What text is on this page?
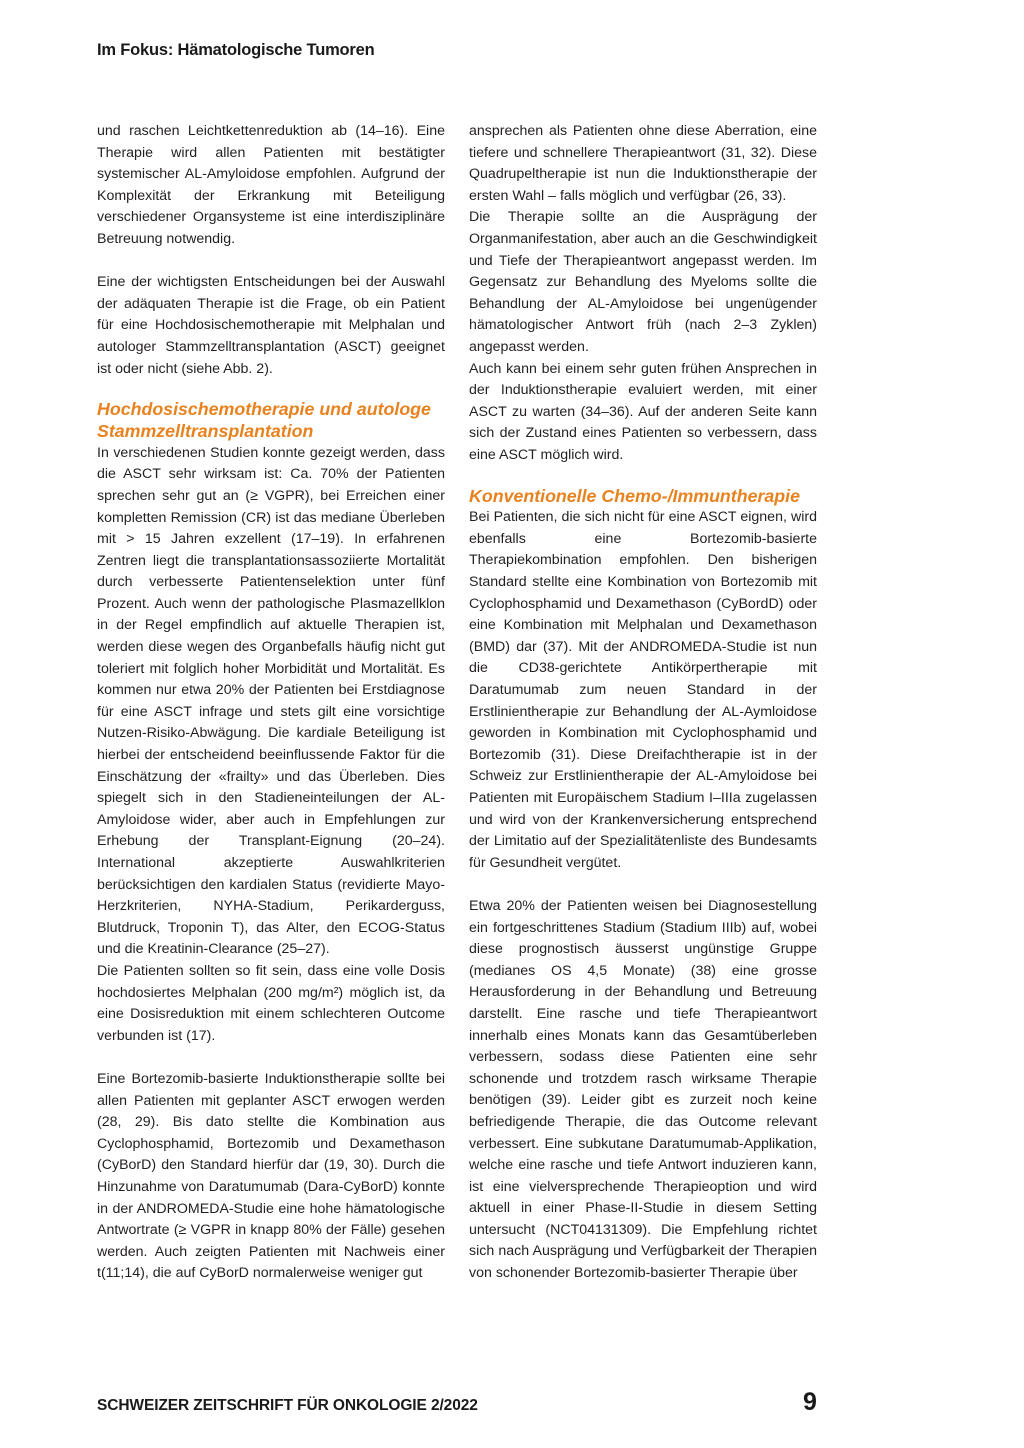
Im Fokus: Hämatologische Tumoren

und raschen Leichtkettenreduktion ab (14–16). Eine Therapie wird allen Patienten mit bestätigter systemischer AL-Amyloidose empfohlen. Aufgrund der Komplexität der Erkrankung mit Beteiligung verschiedener Organsysteme ist eine interdisziplinäre Betreuung notwendig.

Eine der wichtigsten Entscheidungen bei der Auswahl der adäquaten Therapie ist die Frage, ob ein Patient für eine Hochdosischemotherapie mit Melphalan und autologer Stammzelltransplantation (ASCT) geeignet ist oder nicht (siehe Abb. 2).

Hochdosischemotherapie und autologe Stammzelltransplantation

In verschiedenen Studien konnte gezeigt werden, dass die ASCT sehr wirksam ist: Ca. 70% der Patienten sprechen sehr gut an (≥ VGPR), bei Erreichen einer kompletten Remission (CR) ist das mediane Überleben mit > 15 Jahren exzellent (17–19). In erfahrenen Zentren liegt die transplantationsassoziierte Mortalität durch verbesserte Patientenselektion unter fünf Prozent. Auch wenn der pathologische Plasmazellklon in der Regel empfindlich auf aktuelle Therapien ist, werden diese wegen des Organbefalls häufig nicht gut toleriert mit folglich hoher Morbidität und Mortalität. Es kommen nur etwa 20% der Patienten bei Erstdiagnose für eine ASCT infrage und stets gilt eine vorsichtige Nutzen-Risiko-Abwägung. Die kardiale Beteiligung ist hierbei der entscheidend beeinflussende Faktor für die Einschätzung der «frailty» und das Überleben. Dies spiegelt sich in den Stadieneinteilungen der AL-Amyloidose wider, aber auch in Empfehlungen zur Erhebung der Transplant-Eignung (20–24). International akzeptierte Auswahlkriterien berücksichtigen den kardialen Status (revidierte Mayo-Herzkriterien, NYHA-Stadium, Perikarderguss, Blutdruck, Troponin T), das Alter, den ECOG-Status und die Kreatinin-Clearance (25–27).

Die Patienten sollten so fit sein, dass eine volle Dosis hochdosiertes Melphalan (200 mg/m²) möglich ist, da eine Dosisreduktion mit einem schlechteren Outcome verbunden ist (17).

Eine Bortezomib-basierte Induktionstherapie sollte bei allen Patienten mit geplanter ASCT erwogen werden (28, 29). Bis dato stellte die Kombination aus Cyclophosphamid, Bortezomib und Dexamethason (CyBorD) den Standard hierfür dar (19, 30). Durch die Hinzunahme von Daratumumab (Dara-CyBorD) konnte in der ANDROMEDA-Studie eine hohe hämatologische Antwortrate (≥ VGPR in knapp 80% der Fälle) gesehen werden. Auch zeigten Patienten mit Nachweis einer t(11;14), die auf CyBorD normalerweise weniger gut

ansprechen als Patienten ohne diese Aberration, eine tiefere und schnellere Therapieantwort (31, 32). Diese Quadrupeltherapie ist nun die Induktionstherapie der ersten Wahl – falls möglich und verfügbar (26, 33).

Die Therapie sollte an die Ausprägung der Organmanifestation, aber auch an die Geschwindigkeit und Tiefe der Therapieantwort angepasst werden. Im Gegensatz zur Behandlung des Myeloms sollte die Behandlung der AL-Amyloidose bei ungenügender hämatologischer Antwort früh (nach 2–3 Zyklen) angepasst werden.

Auch kann bei einem sehr guten frühen Ansprechen in der Induktionstherapie evaluiert werden, mit einer ASCT zu warten (34–36). Auf der anderen Seite kann sich der Zustand eines Patienten so verbessern, dass eine ASCT möglich wird.

Konventionelle Chemo-/Immuntherapie

Bei Patienten, die sich nicht für eine ASCT eignen, wird ebenfalls eine Bortezomib-basierte Therapiekombination empfohlen. Den bisherigen Standard stellte eine Kombination von Bortezomib mit Cyclophosphamid und Dexamethason (CyBordD) oder eine Kombination mit Melphalan und Dexamethason (BMD) dar (37). Mit der ANDROMEDA-Studie ist nun die CD38-gerichtete Antikörpertherapie mit Daratumumab zum neuen Standard in der Erstlinientherapie zur Behandlung der AL-Aymloidose geworden in Kombination mit Cyclophosphamid und Bortezomib (31). Diese Dreifachtherapie ist in der Schweiz zur Erstlinientherapie der AL-Amyloidose bei Patienten mit Europäischem Stadium I–IIIa zugelassen und wird von der Krankenversicherung entsprechend der Limitatio auf der Spezialitätenliste des Bundesamts für Gesundheit vergütet.

Etwa 20% der Patienten weisen bei Diagnosestellung ein fortgeschrittenes Stadium (Stadium IIIb) auf, wobei diese prognostisch äusserst ungünstige Gruppe (medianes OS 4,5 Monate) (38) eine grosse Herausforderung in der Behandlung und Betreuung darstellt. Eine rasche und tiefe Therapieantwort innerhalb eines Monats kann das Gesamtüberleben verbessern, sodass diese Patienten eine sehr schonende und trotzdem rasch wirksame Therapie benötigen (39). Leider gibt es zurzeit noch keine befriedigende Therapie, die das Outcome relevant verbessert. Eine subkutane Daratumumab-Applikation, welche eine rasche und tiefe Antwort induzieren kann, ist eine vielversprechende Therapieoption und wird aktuell in einer Phase-II-Studie in diesem Setting untersucht (NCT04131309). Die Empfehlung richtet sich nach Ausprägung und Verfügbarkeit der Therapien von schonender Bortezomib-basierter Therapie über

SCHWEIZER ZEITSCHRIFT FÜR ONKOLOGIE 2/2022	9
